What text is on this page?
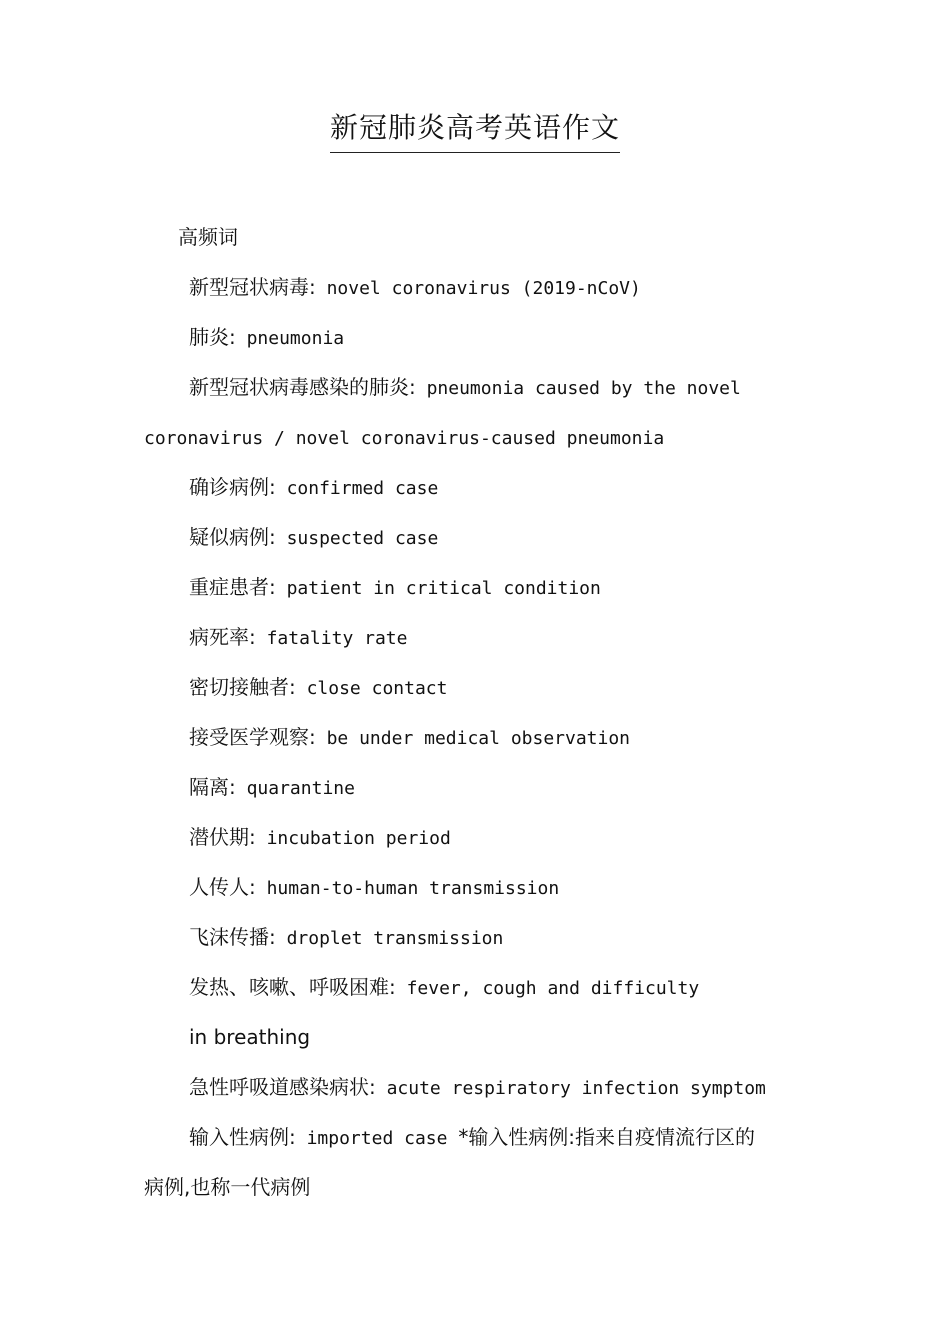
新冠肺炎高考英语作文
高频词
新型冠状病毒: novel coronavirus (2019-nCoV)
肺炎: pneumonia
新型冠状病毒感染的肺炎: pneumonia caused by the novel
coronavirus / novel coronavirus-caused pneumonia
确诊病例: confirmed case
疑似病例: suspected case
重症患者: patient in critical condition
病死率: fatality rate
密切接触者: close contact
接受医学观察: be under medical observation
隔离: quarantine
潜伏期: incubation period
人传人: human-to-human transmission
飞沫传播: droplet transmission
发热、咳嗽、呼吸困难: fever, cough and difficulty
in breathing
急性呼吸道感染病状: acute respiratory infection symptom
输入性病例: imported case *输入性病例:指来自疫情流行区的
病例,也称一代病例
